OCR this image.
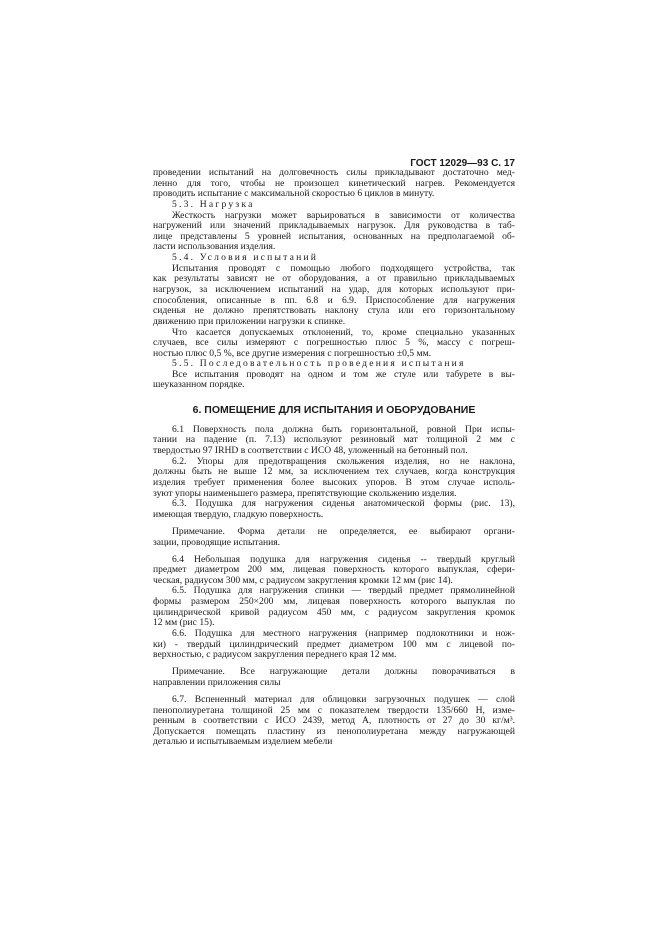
ГОСТ 12029—93 С. 17
6. ПОМЕЩЕНИЕ ДЛЯ ИСПЫТАНИЯ И ОБОРУДОВАНИЕ
проведении испытаний на долговечность силы прикладывают достаточно мед-
ленно для того, чтобы не произошел кинетический нагрев. Рекомендуется
проводить испытание с максимальной скоростью 6 циклов в минуту.
5.3. Нагрузка
Жесткость нагрузки может варьироваться в зависимости от количества
нагружений или значений прикладываемых нагрузок. Для руководства в таб-
лице представлены 5 уровней испытания, основанных на предполагаемой об-
ласти использования изделия.
5.4. Условия испытаний
Испытания проводят с помощью любого подходящего устройства, так
как результаты зависят не от оборудования, а от правильно прикладываемых
нагрузок, за исключением испытаний на удар, для которых используют при-
способления, описанные в пп. 6.8 и 6.9. Приспособление для нагружения
сиденья не должно препятствовать наклону стула или его горизонтальному
движению при приложении нагрузки к спинке.
Что касается допускаемых отклонений, то, кроме специально указанных
случаев, все силы измеряют с погрешностью плюс 5 %, массу с погреш-
ностью плюс 0,5 %, все другие измерения с погрешностью ±0,5 мм.
5.5. Последовательность проведения испытания
Все испытания проводят на одном и том же стуле или табурете в вы-
шеуказанном порядке.
6.1 Поверхность пола должна быть горизонтальной, ровной При испы-
тании на падение (п. 7.13) используют резиновый мат толщиной 2 мм с
твердостью 97 IRHD в соответствии с ИСО 48, уложенный на бетонный пол.
6.2. Упоры для предотвращения скольжения изделия, но не наклона,
должны быть не выше 12 мм, за исключением тех случаев, когда конструкция
изделия требует применения более высоких упоров. В этом случае исполь-
зуют упоры наименьшего размера, препятствующие скольжению изделия.
6.3. Подушка для нагружения сиденья анатомической формы (рис. 13),
имеющая твердую, гладкую поверхность.
Примечание. Форма детали не определяется, ее выбирают органи-
зации, проводящие испытания.
6.4 Небольшая подушка для нагружения сиденья -- твердый круглый
предмет диаметром 200 мм, лицевая поверхность которого выпуклая, сфери-
ческая, радиусом 300 мм, с радиусом закругления кромки 12 мм (рис 14).
6.5. Подушка для нагружения спинки — твердый предмет прямолинейной
формы размером 250×200 мм, лицевая поверхность которого выпуклая по
цилиндрической кривой радиусом 450 мм, с радиусом закругления кромок
12 мм (рис 15).
6.6. Подушка для местного нагружения (например подлокотники и нож-
ки) - твердый цилиндрический предмет диаметром 100 мм с лицевой по-
верхностью, с радиусом закругления переднего края 12 мм.
Примечание. Все нагружающие детали должны поворачиваться в
направлении приложения силы
6.7. Вспененный материал для облицовки загрузочных подушек — слой
пенополиуретана толщиной 25 мм с показателем твердости 135/660 Н, изме-
ренным в соответствии с ИСО 2439, метод А, плотность от 27 до 30 кг/м³.
Допускается помещать пластину из пенополиуретана между нагружающей
деталью и испытываемым изделием мебели
